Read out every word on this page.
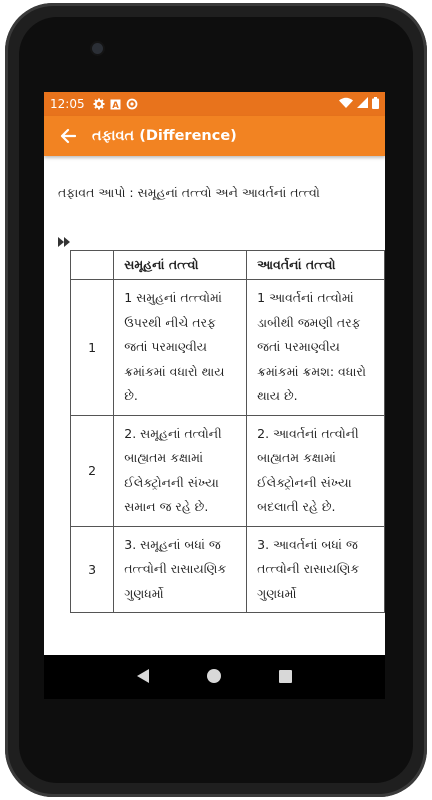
12:05	A
તફાવત (Difference)
તફાવત આપો : સમૂહનાં તત્ત્વો અને આવર્તનાં તત્ત્વો
	સમૂહનાં તત્ત્વો	આવર્તનાં તત્ત્વો
1	1 સમુહનાં તત્ત્વોમાં ઉપરથી નીચે તરફ જતાં પરમાણ્વીય ક્રમાંકમાં વધારો થાય છે.	1 આવર્તનાં તત્વોમાં ડાબીથી જમણી તરફ જતાં પરમાણ્વીય ક્રમાંકમાં ક્રમશ: વધારો થાય છે.
2	2. સમૂહનાં તત્વોની બાહ્યતમ કક્ષામાં ઈલેક્ટ્રોનની સંખ્યા સમાન જ રહે છે.	2. આવર્તનાં તત્વોની બાહ્યતમ કક્ષામાં ઈલેક્ટ્રોનની સંખ્યા બદલાતી રહે છે.
3	3. સમૂહનાં બધાં જ તત્ત્વોની રાસાયણિક ગુણધર્મો	3. આવર્તનાં બધાં જ તત્ત્વોની રાસાયણિક ગુણધર્મો
